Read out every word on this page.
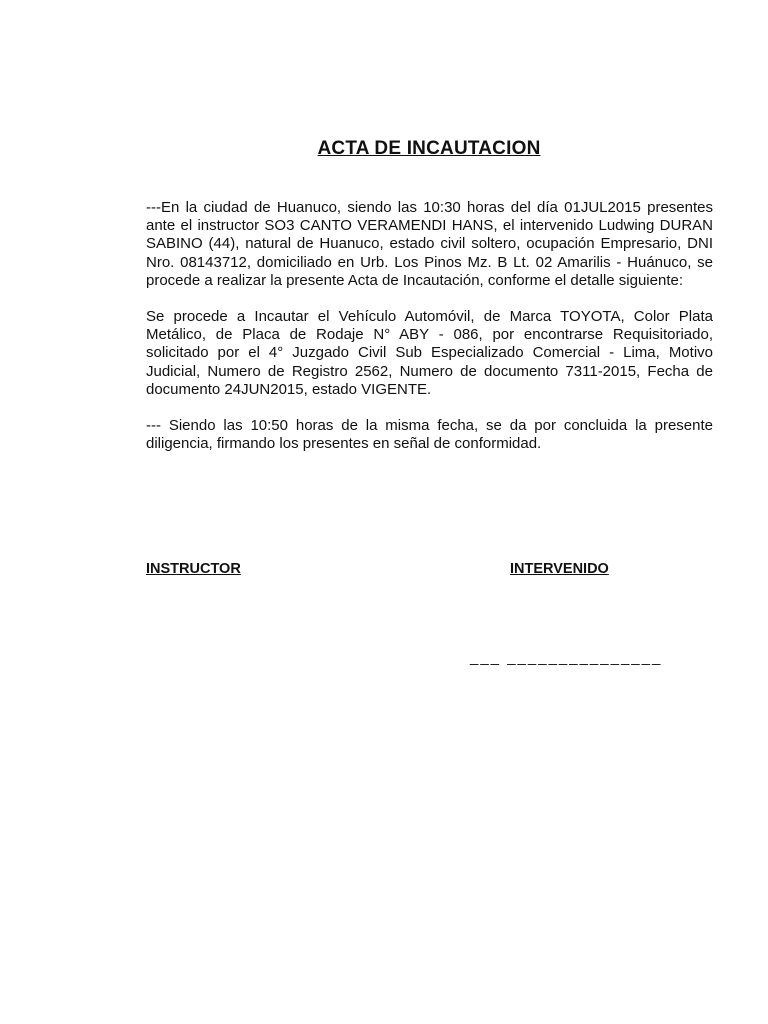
ACTA DE INCAUTACION

---En la ciudad de Huanuco, siendo las 10:30 horas del día 01JUL2015 presentes ante el instructor SO3 CANTO VERAMENDI HANS, el intervenido Ludwing DURAN SABINO (44), natural de Huanuco, estado civil soltero, ocupación Empresario, DNI Nro. 08143712, domiciliado en Urb. Los Pinos Mz. B Lt. 02 Amarilis - Huánuco, se procede a realizar la presente Acta de Incautación, conforme el detalle siguiente:

Se procede a Incautar el Vehículo Automóvil, de Marca TOYOTA, Color Plata Metálico, de Placa de Rodaje N° ABY - 086, por encontrarse Requisitoriado, solicitado por el 4° Juzgado Civil Sub Especializado Comercial - Lima, Motivo Judicial, Numero de Registro 2562, Numero de documento 7311-2015, Fecha de documento 24JUN2015, estado VIGENTE.

--- Siendo las 10:50 horas de la misma fecha, se da por concluida la presente diligencia, firmando los presentes en señal de conformidad.

INSTRUCTOR	INTERVENIDO
___ _______________
